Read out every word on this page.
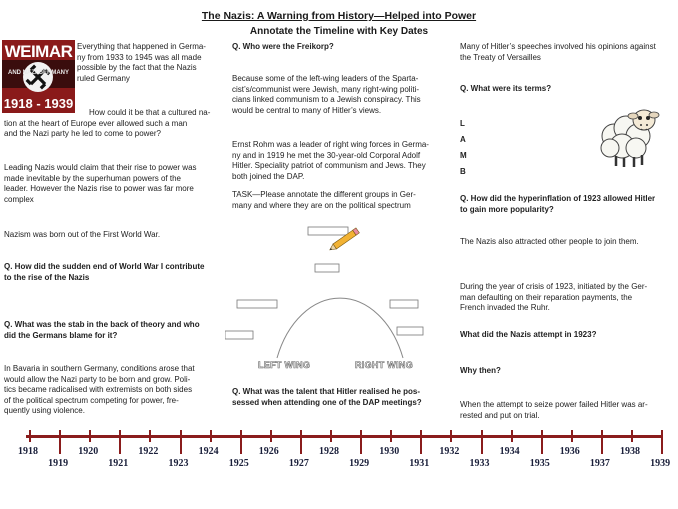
The Nazis: A Warning from History—Helped into Power
Annotate the Timeline with Key Dates
WEIMAR
AND NAZI GERMANY
1918 - 1939
Everything that happened in Germa-
ny from 1933 to 1945 was all made
possible by the fact that the Nazis
ruled Germany
How could it be that a cultured na-
tion at the heart of Europe ever allowed such a man
and the Nazi party he led to come to power?
Leading Nazis would claim that their rise to power was
made inevitable by the superhuman powers of the
leader. However the Nazis rise to power was far more
complex
Nazism was born out of the First World War.
Q. How did the sudden end of World War I contribute
to the rise of the Nazis
Q. What was the stab in the back of theory and who
did the Germans blame for it?
In Bavaria in southern Germany, conditions arose that
would allow the Nazi party to be born and grow. Poli-
tics became radicalised with extremists on both sides
of the political spectrum competing for power, fre-
quently using violence.
Q. Who were the Freikorp?
Because some of the left-wing leaders of the Sparta-
cist’s/communist were Jewish, many right-wing politi-
cians linked communism to a Jewish conspiracy. This
would be central to many of Hitler’s views.
Ernst Rohm was a leader of right wing forces in Germa-
ny and in 1919 he met the 30-year-old Corporal Adolf
Hitler. Speciality patriot of communism and Jews. They
both joined the DAP.
TASK—Please annotate the different groups in Ger-
many and where they are on the political spectrum
LEFT WING	RIGHT WING
Q. What was the talent that Hitler realised he pos-
sessed when attending one of the DAP meetings?
Many of Hitler’s speeches involved his opinions against
the Treaty of Versailles
Q. What were its terms?
L
A
M
B
Q. How did the hyperinflation of 1923 allowed Hitler
to gain more popularity?
The Nazis also attracted other people to join them.
During the year of crisis of 1923, initiated by the Ger-
man defaulting on their reparation payments, the
French invaded the Ruhr.
What did the Nazis attempt in 1923?
Why then?
When the attempt to seize power failed Hitler was ar-
rested and put on trial.
1918
1919
1920
1921
1922
1923
1924
1925
1926
1927
1928
1929
1930
1931
1932
1933
1934
1935
1936
1937
1938
1939
